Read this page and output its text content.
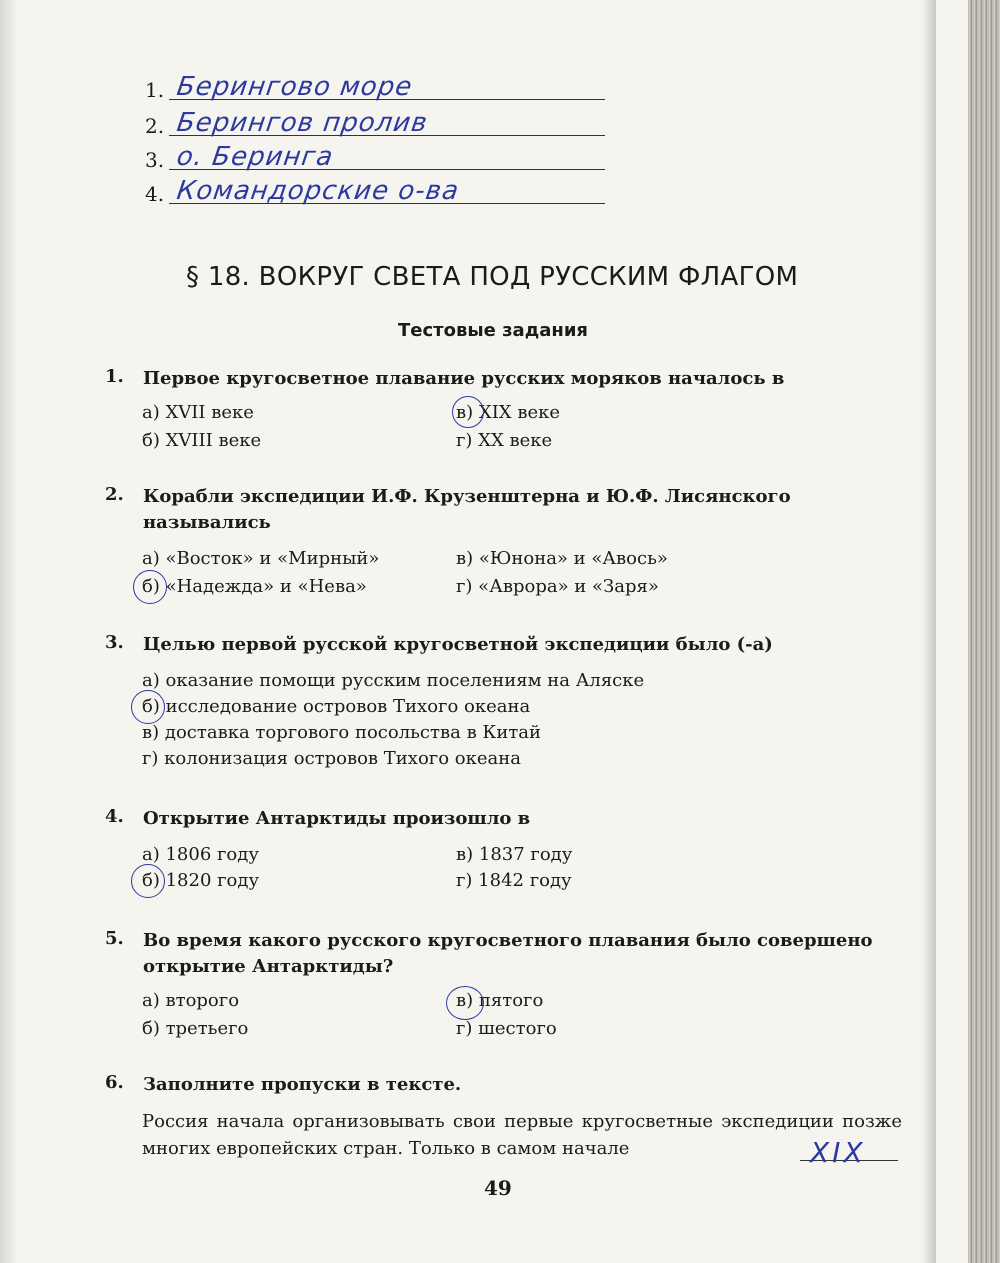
1. Берингово море
2. Берингов пролив
3. о. Беринга
4. Командорские о-ва
§ 18. ВОКРУГ СВЕТА ПОД РУССКИМ ФЛАГОМ
Тестовые задания
1. Первое кругосветное плавание русских моряков началось в
а) XVII веке	в) XIX веке
б) XVIII веке	г) XX веке
2. Корабли экспедиции И.Ф. Крузенштерна и Ю.Ф. Лисянского назывались
а) «Восток» и «Мирный»	в) «Юнона» и «Авось»
б) «Надежда» и «Нева»	г) «Аврора» и «Заря»
3. Целью первой русской кругосветной экспедиции было (-а)
а) оказание помощи русским поселениям на Аляске
б) исследование островов Тихого океана
в) доставка торгового посольства в Китай
г) колонизация островов Тихого океана
4. Открытие Антарктиды произошло в
а) 1806 году	в) 1837 году
б) 1820 году	г) 1842 году
5. Во время какого русского кругосветного плавания было совершено открытие Антарктиды?
а) второго	в) пятого
б) третьего	г) шестого
6. Заполните пропуски в тексте.
Россия начала организовывать свои первые кругосветные экспедиции позже многих европейских стран. Только в самом начале	XIX
49
